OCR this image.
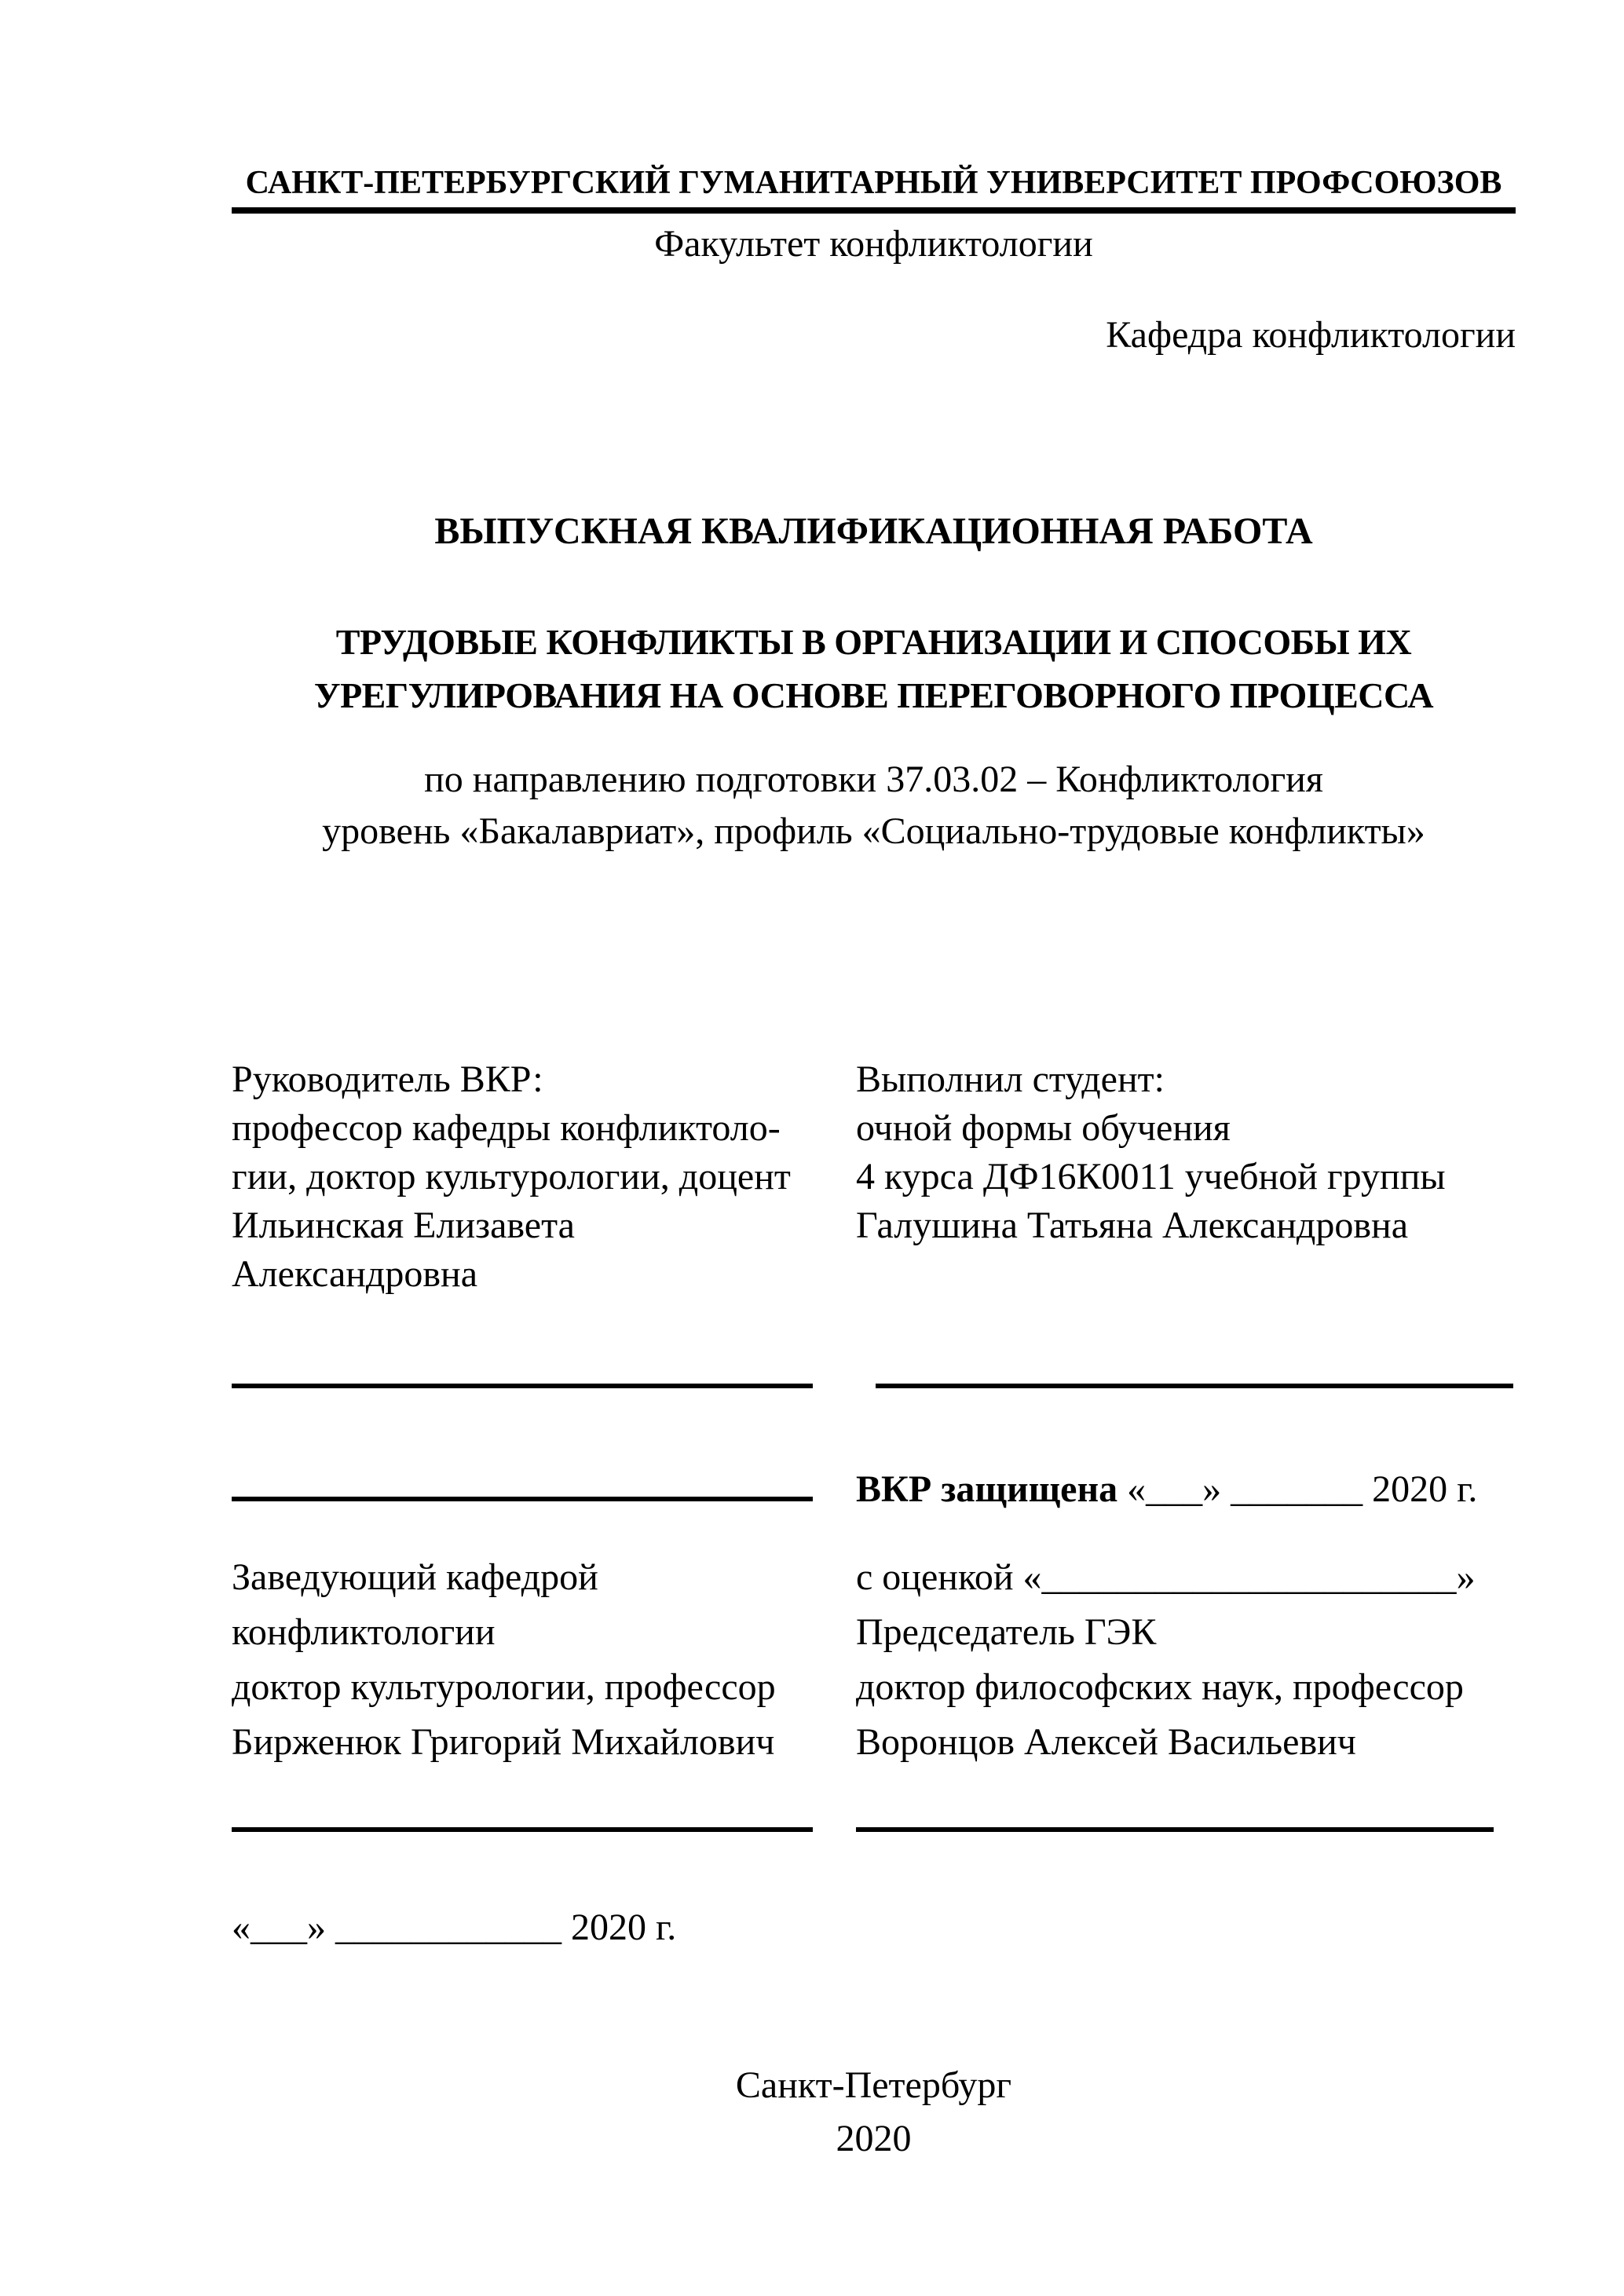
САНКТ-ПЕТЕРБУРГСКИЙ ГУМАНИТАРНЫЙ УНИВЕРСИТЕТ ПРОФСОЮЗОВ
Факультет конфликтологии
Кафедра конфликтологии
ВЫПУСКНАЯ КВАЛИФИКАЦИОННАЯ РАБОТА
ТРУДОВЫЕ КОНФЛИКТЫ В ОРГАНИЗАЦИИ И СПОСОБЫ ИХ
УРЕГУЛИРОВАНИЯ НА ОСНОВЕ ПЕРЕГОВОРНОГО ПРОЦЕССА
по направлению подготовки 37.03.02 – Конфликтология
уровень «Бакалавриат», профиль «Социально-трудовые конфликты»
Руководитель ВКР:
профессор кафедры конфликтоло-
гии, доктор культурологии, доцент
Ильинская Елизавета
Александровна
Выполнил студент:
очной формы обучения
4 курса ДФ16К0011 учебной группы
Галушина Татьяна Александровна
ВКР защищена «___» _______ 2020 г.
Заведующий кафедрой
конфликтологии
доктор культурологии, профессор
Бирженюк Григорий Михайлович
с оценкой «______________________»
Председатель ГЭК
доктор философских наук, профессор
Воронцов Алексей Васильевич
«___» ____________ 2020 г.
Санкт-Петербург
2020
